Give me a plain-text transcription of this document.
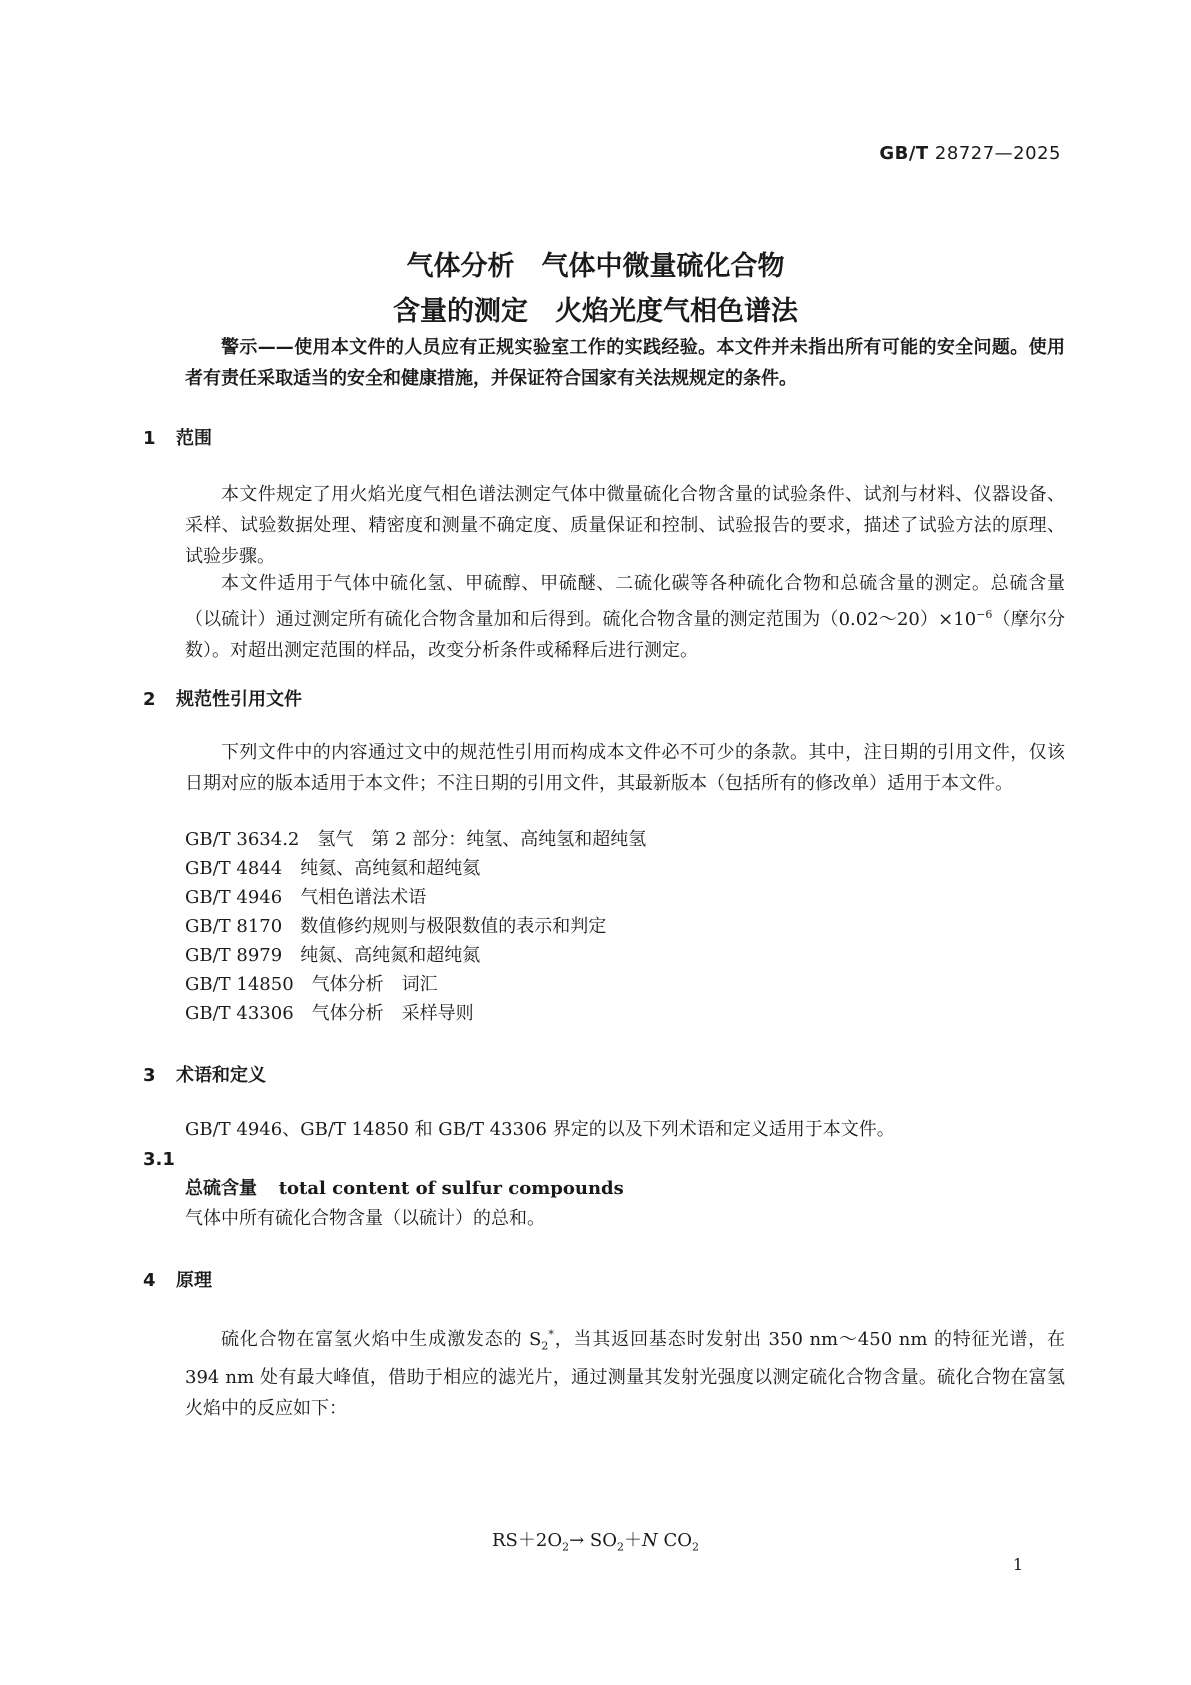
GB/T 28727—2025
气体分析　气体中微量硫化合物
含量的测定　火焰光度气相色谱法
警示——使用本文件的人员应有正规实验室工作的实践经验。本文件并未指出所有可能的安全问题。使用者有责任采取适当的安全和健康措施，并保证符合国家有关法规规定的条件。
1 范围
本文件规定了用火焰光度气相色谱法测定气体中微量硫化合物含量的试验条件、试剂与材料、仪器设备、采样、试验数据处理、精密度和测量不确定度、质量保证和控制、试验报告的要求，描述了试验方法的原理、试验步骤。
本文件适用于气体中硫化氢、甲硫醇、甲硫醚、二硫化碳等各种硫化合物和总硫含量的测定。总硫含量（以硫计）通过测定所有硫化合物含量加和后得到。硫化合物含量的测定范围为$(0.02\sim 20)\times 10^{-6}$（摩尔分数）。对超出测定范围的样品，改变分析条件或稀释后进行测定。
2 规范性引用文件
下列文件中的内容通过文中的规范性引用而构成本文件必不可少的条款。其中，注日期的引用文件，仅该日期对应的版本适用于本文件；不注日期的引用文件，其最新版本（包括所有的修改单）适用于本文件。
GB/T 3634.2　氢气　第 2 部分：纯氢、高纯氢和超纯氢
GB/T 4844　纯氦、高纯氦和超纯氦
GB/T 4946　气相色谱法术语
GB/T 8170　数值修约规则与极限数值的表示和判定
GB/T 8979　纯氮、高纯氮和超纯氮
GB/T 14850　气体分析　词汇
GB/T 43306　气体分析　采样导则
3 术语和定义
GB/T 4946、GB/T 14850 和 GB/T 43306 界定的以及下列术语和定义适用于本文件。
3.1
总硫含量 total content of sulfur compounds
气体中所有硫化合物含量（以硫计）的总和。
4 原理
硫化合物在富氢火焰中生成激发态的 $S_2^*$，当其返回基态时发射出 350 nm～450 nm 的特征光谱，在 394 nm 处有最大峰值，借助于相应的滤光片，通过测量其发射光强度以测定硫化合物含量。硫化合物在富氢火焰中的反应如下：
$RS+2O_2\to SO_2+N$ $CO_2$
1
